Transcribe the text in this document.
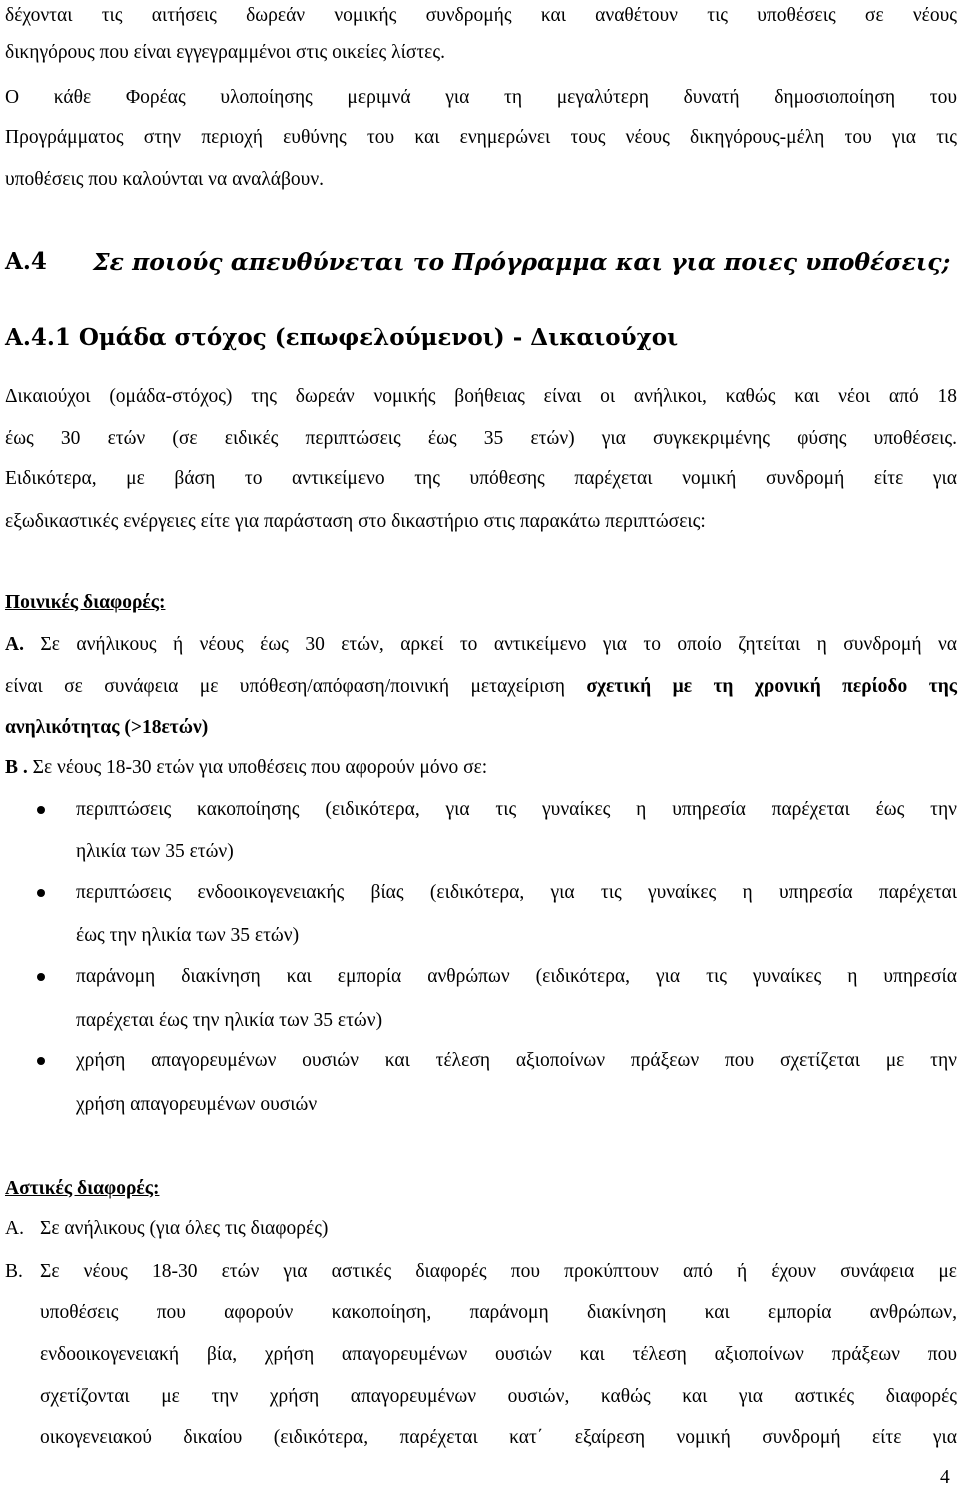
δέχονται τις αιτήσεις δωρεάν νομικής συνδρομής και αναθέτουν τις υποθέσεις σε νέους
δικηγόρους που είναι εγγεγραμμένοι στις οικείες λίστες.
Ο κάθε Φορέας υλοποίησης μεριμνά για τη μεγαλύτερη δυνατή δημοσιοποίηση του
Προγράμματος στην περιοχή ευθύνης του και ενημερώνει τους νέους δικηγόρους-μέλη του για τις
υποθέσεις που καλούνται να αναλάβουν.
Α.4 Σε ποιούς απευθύνεται το Πρόγραμμα και για ποιες υποθέσεις;
Α.4.1 Ομάδα στόχος (επωφελούμενοι) - Δικαιούχοι
Δικαιούχοι (ομάδα-στόχος) της δωρεάν νομικής βοήθειας είναι οι ανήλικοι, καθώς και νέοι από 18
έως 30 ετών (σε ειδικές περιπτώσεις έως 35 ετών) για συγκεκριμένης φύσης υποθέσεις.
Ειδικότερα, με βάση το αντικείμενο της υπόθεσης παρέχεται νομική συνδρομή είτε για
εξωδικαστικές ενέργειες είτε για παράσταση στο δικαστήριο στις παρακάτω περιπτώσεις:
Ποινικές διαφορές:
Α. Σε ανήλικους ή νέους έως 30 ετών, αρκεί το αντικείμενο για το οποίο ζητείται η συνδρομή να
είναι σε συνάφεια με υπόθεση/απόφαση/ποινική μεταχείριση σχετική με τη χρονική περίοδο της
ανηλικότητας (>18ετών)
Β . Σε νέους 18-30 ετών για υποθέσεις που αφορούν μόνο σε:
περιπτώσεις κακοποίησης (ειδικότερα, για τις γυναίκες η υπηρεσία παρέχεται έως την
ηλικία των 35 ετών)
περιπτώσεις ενδοοικογενειακής βίας (ειδικότερα, για τις γυναίκες η υπηρεσία παρέχεται
έως την ηλικία των 35 ετών)
παράνομη διακίνηση και εμπορία ανθρώπων (ειδικότερα, για τις γυναίκες η υπηρεσία
παρέχεται έως την ηλικία των 35 ετών)
χρήση απαγορευμένων ουσιών και τέλεση αξιοποίνων πράξεων που σχετίζεται με την
χρήση απαγορευμένων ουσιών
Αστικές διαφορές:
Α. Σε ανήλικους (για όλες τις διαφορές)
Β. Σε νέους 18-30 ετών για αστικές διαφορές που προκύπτουν από ή έχουν συνάφεια με
υποθέσεις που αφορούν κακοποίηση, παράνομη διακίνηση και εμπορία ανθρώπων,
ενδοοικογενειακή βία, χρήση απαγορευμένων ουσιών και τέλεση αξιοποίνων πράξεων που
σχετίζονται με την χρήση απαγορευμένων ουσιών, καθώς και για αστικές διαφορές
οικογενειακού δικαίου (ειδικότερα, παρέχεται κατ΄ εξαίρεση νομική συνδρομή είτε για
4
